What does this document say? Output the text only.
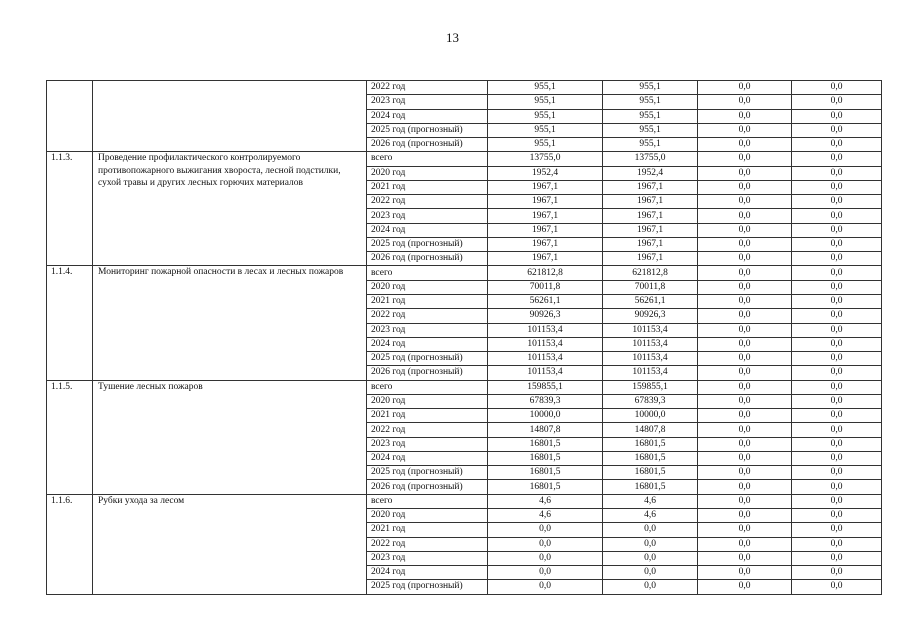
13
		2022 год	955,1	955,1	0,0	0,0
		2023 год	955,1	955,1	0,0	0,0
		2024 год	955,1	955,1	0,0	0,0
		2025 год (прогнозный)	955,1	955,1	0,0	0,0
		2026 год (прогнозный)	955,1	955,1	0,0	0,0
1.1.3.	Проведение профилактического контролируемого противопожарного выжигания хвороста, лесной подстилки, сухой травы и других лесных горючих материалов	всего	13755,0	13755,0	0,0	0,0
		2020 год	1952,4	1952,4	0,0	0,0
		2021 год	1967,1	1967,1	0,0	0,0
		2022 год	1967,1	1967,1	0,0	0,0
		2023 год	1967,1	1967,1	0,0	0,0
		2024 год	1967,1	1967,1	0,0	0,0
		2025 год (прогнозный)	1967,1	1967,1	0,0	0,0
		2026 год (прогнозный)	1967,1	1967,1	0,0	0,0
1.1.4.	Мониторинг пожарной опасности в лесах и лесных пожаров	всего	621812,8	621812,8	0,0	0,0
		2020 год	70011,8	70011,8	0,0	0,0
		2021 год	56261,1	56261,1	0,0	0,0
		2022 год	90926,3	90926,3	0,0	0,0
		2023 год	101153,4	101153,4	0,0	0,0
		2024 год	101153,4	101153,4	0,0	0,0
		2025 год (прогнозный)	101153,4	101153,4	0,0	0,0
		2026 год (прогнозный)	101153,4	101153,4	0,0	0,0
1.1.5.	Тушение лесных пожаров	всего	159855,1	159855,1	0,0	0,0
		2020 год	67839,3	67839,3	0,0	0,0
		2021 год	10000,0	10000,0	0,0	0,0
		2022 год	14807,8	14807,8	0,0	0,0
		2023 год	16801,5	16801,5	0,0	0,0
		2024 год	16801,5	16801,5	0,0	0,0
		2025 год (прогнозный)	16801,5	16801,5	0,0	0,0
		2026 год (прогнозный)	16801,5	16801,5	0,0	0,0
1.1.6.	Рубки ухода за лесом	всего	4,6	4,6	0,0	0,0
		2020 год	4,6	4,6	0,0	0,0
		2021 год	0,0	0,0	0,0	0,0
		2022 год	0,0	0,0	0,0	0,0
		2023 год	0,0	0,0	0,0	0,0
		2024 год	0,0	0,0	0,0	0,0
		2025 год (прогнозный)	0,0	0,0	0,0	0,0
